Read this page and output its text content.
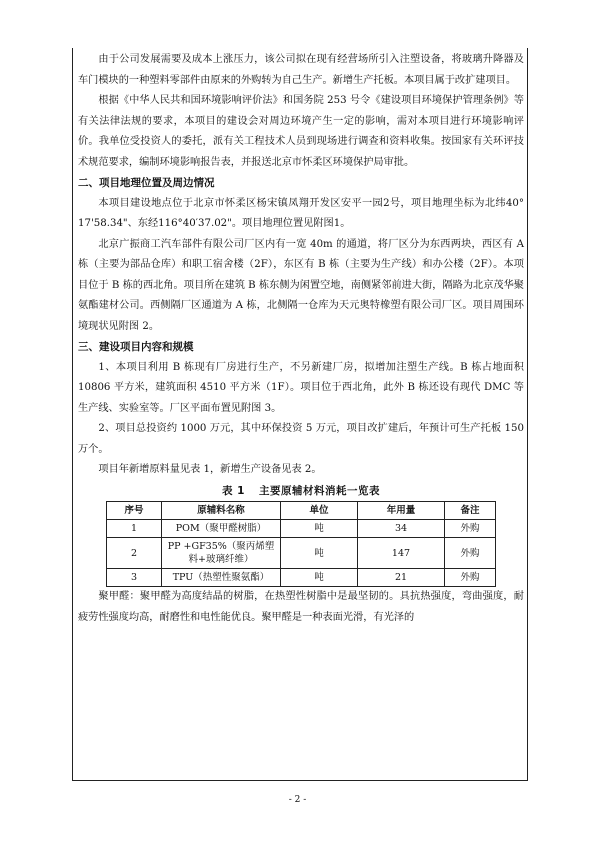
由于公司发展需要及成本上涨压力，该公司拟在现有经营场所引入注塑设备，将玻璃升降器及车门模块的一种塑料零部件由原来的外购转为自己生产。新增生产托板。本项目属于改扩建项目。

根据《中华人民共和国环境影响评价法》和国务院 253 号令《建设项目环境保护管理条例》等有关法律法规的要求，本项目的建设会对周边环境产生一定的影响，需对本项目进行环境影响评价。我单位受投资人的委托，派有关工程技术人员到现场进行调查和资料收集。按国家有关环评技术规范要求，编制环境影响报告表，并报送北京市怀柔区环境保护局审批。

二、项目地理位置及周边情况

本项目建设地点位于北京市怀柔区杨宋镇凤翔开发区安平一园2号，项目地理坐标为北纬40° 17'58.34"、东经116°40′37.02"。项目地理位置见附图1。

北京广振商工汽车部件有限公司厂区内有一宽 40m 的通道，将厂区分为东西两块，西区有 A 栋（主要为部品仓库）和职工宿舍楼（2F），东区有 B 栋（主要为生产线）和办公楼（2F）。本项目位于 B 栋的西北角。项目所在建筑 B 栋东侧为闲置空地，南侧紧邻前进大街，隔路为北京茂华聚氨酯建材公司。西侧隔厂区通道为 A 栋，北侧隔一仓库为天元奥特橡塑有限公司厂区。项目周围环境现状见附图 2。

三、建设项目内容和规模

1、本项目利用 B 栋现有厂房进行生产，不另新建厂房，拟增加注塑生产线。B 栋占地面积 10806 平方米，建筑面积 4510 平方米（1F）。项目位于西北角，此外 B 栋还设有现代 DMC 等生产线、实验室等。厂区平面布置见附图 3。

2、项目总投资约 1000 万元，其中环保投资 5 万元，项目改扩建后，年预计可生产托板 150 万个。

项目年新增原料量见表 1，新增生产设备见表 2。

表 1 主要原辅材料消耗一览表

序号	原辅料名称	单位	年用量	备注
1	POM（聚甲醛树脂）	吨	34	外购
2	PP +GF35%（聚丙烯塑料+玻璃纤维）	吨	147	外购
3	TPU（热塑性聚氨酯）	吨	21	外购

聚甲醛：聚甲醛为高度结晶的树脂，在热塑性树脂中是最坚韧的。具抗热强度，弯曲强度，耐疲劳性强度均高，耐磨性和电性能优良。聚甲醛是一种表面光滑，有光泽的

- 2 -
